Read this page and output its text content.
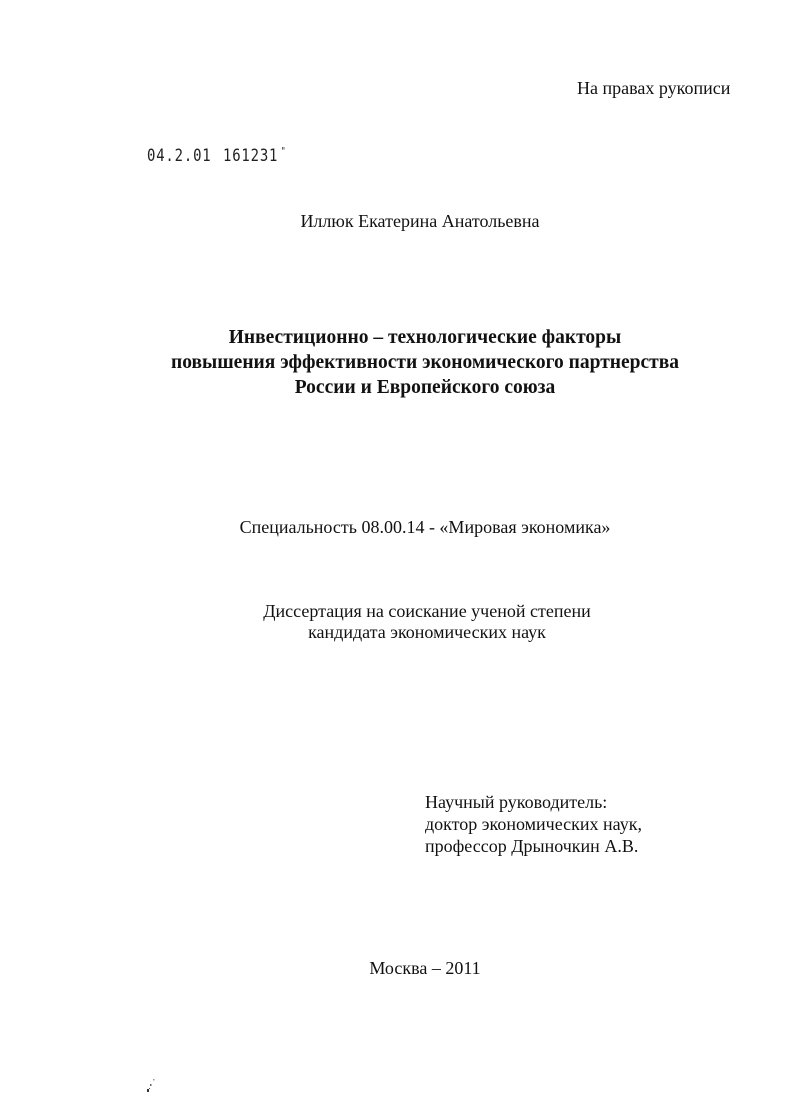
На правах рукописи
04.2.01 161231 "
Иллюк Екатерина Анатольевна
Инвестиционно – технологические факторы
повышения эффективности экономического партнерства
России и Европейского союза
Специальность 08.00.14 - «Мировая экономика»
Диссертация на соискание ученой степени
кандидата экономических наук
Научный руководитель:
доктор экономических наук,
профессор Дрыночкин А.В.
Москва – 2011
